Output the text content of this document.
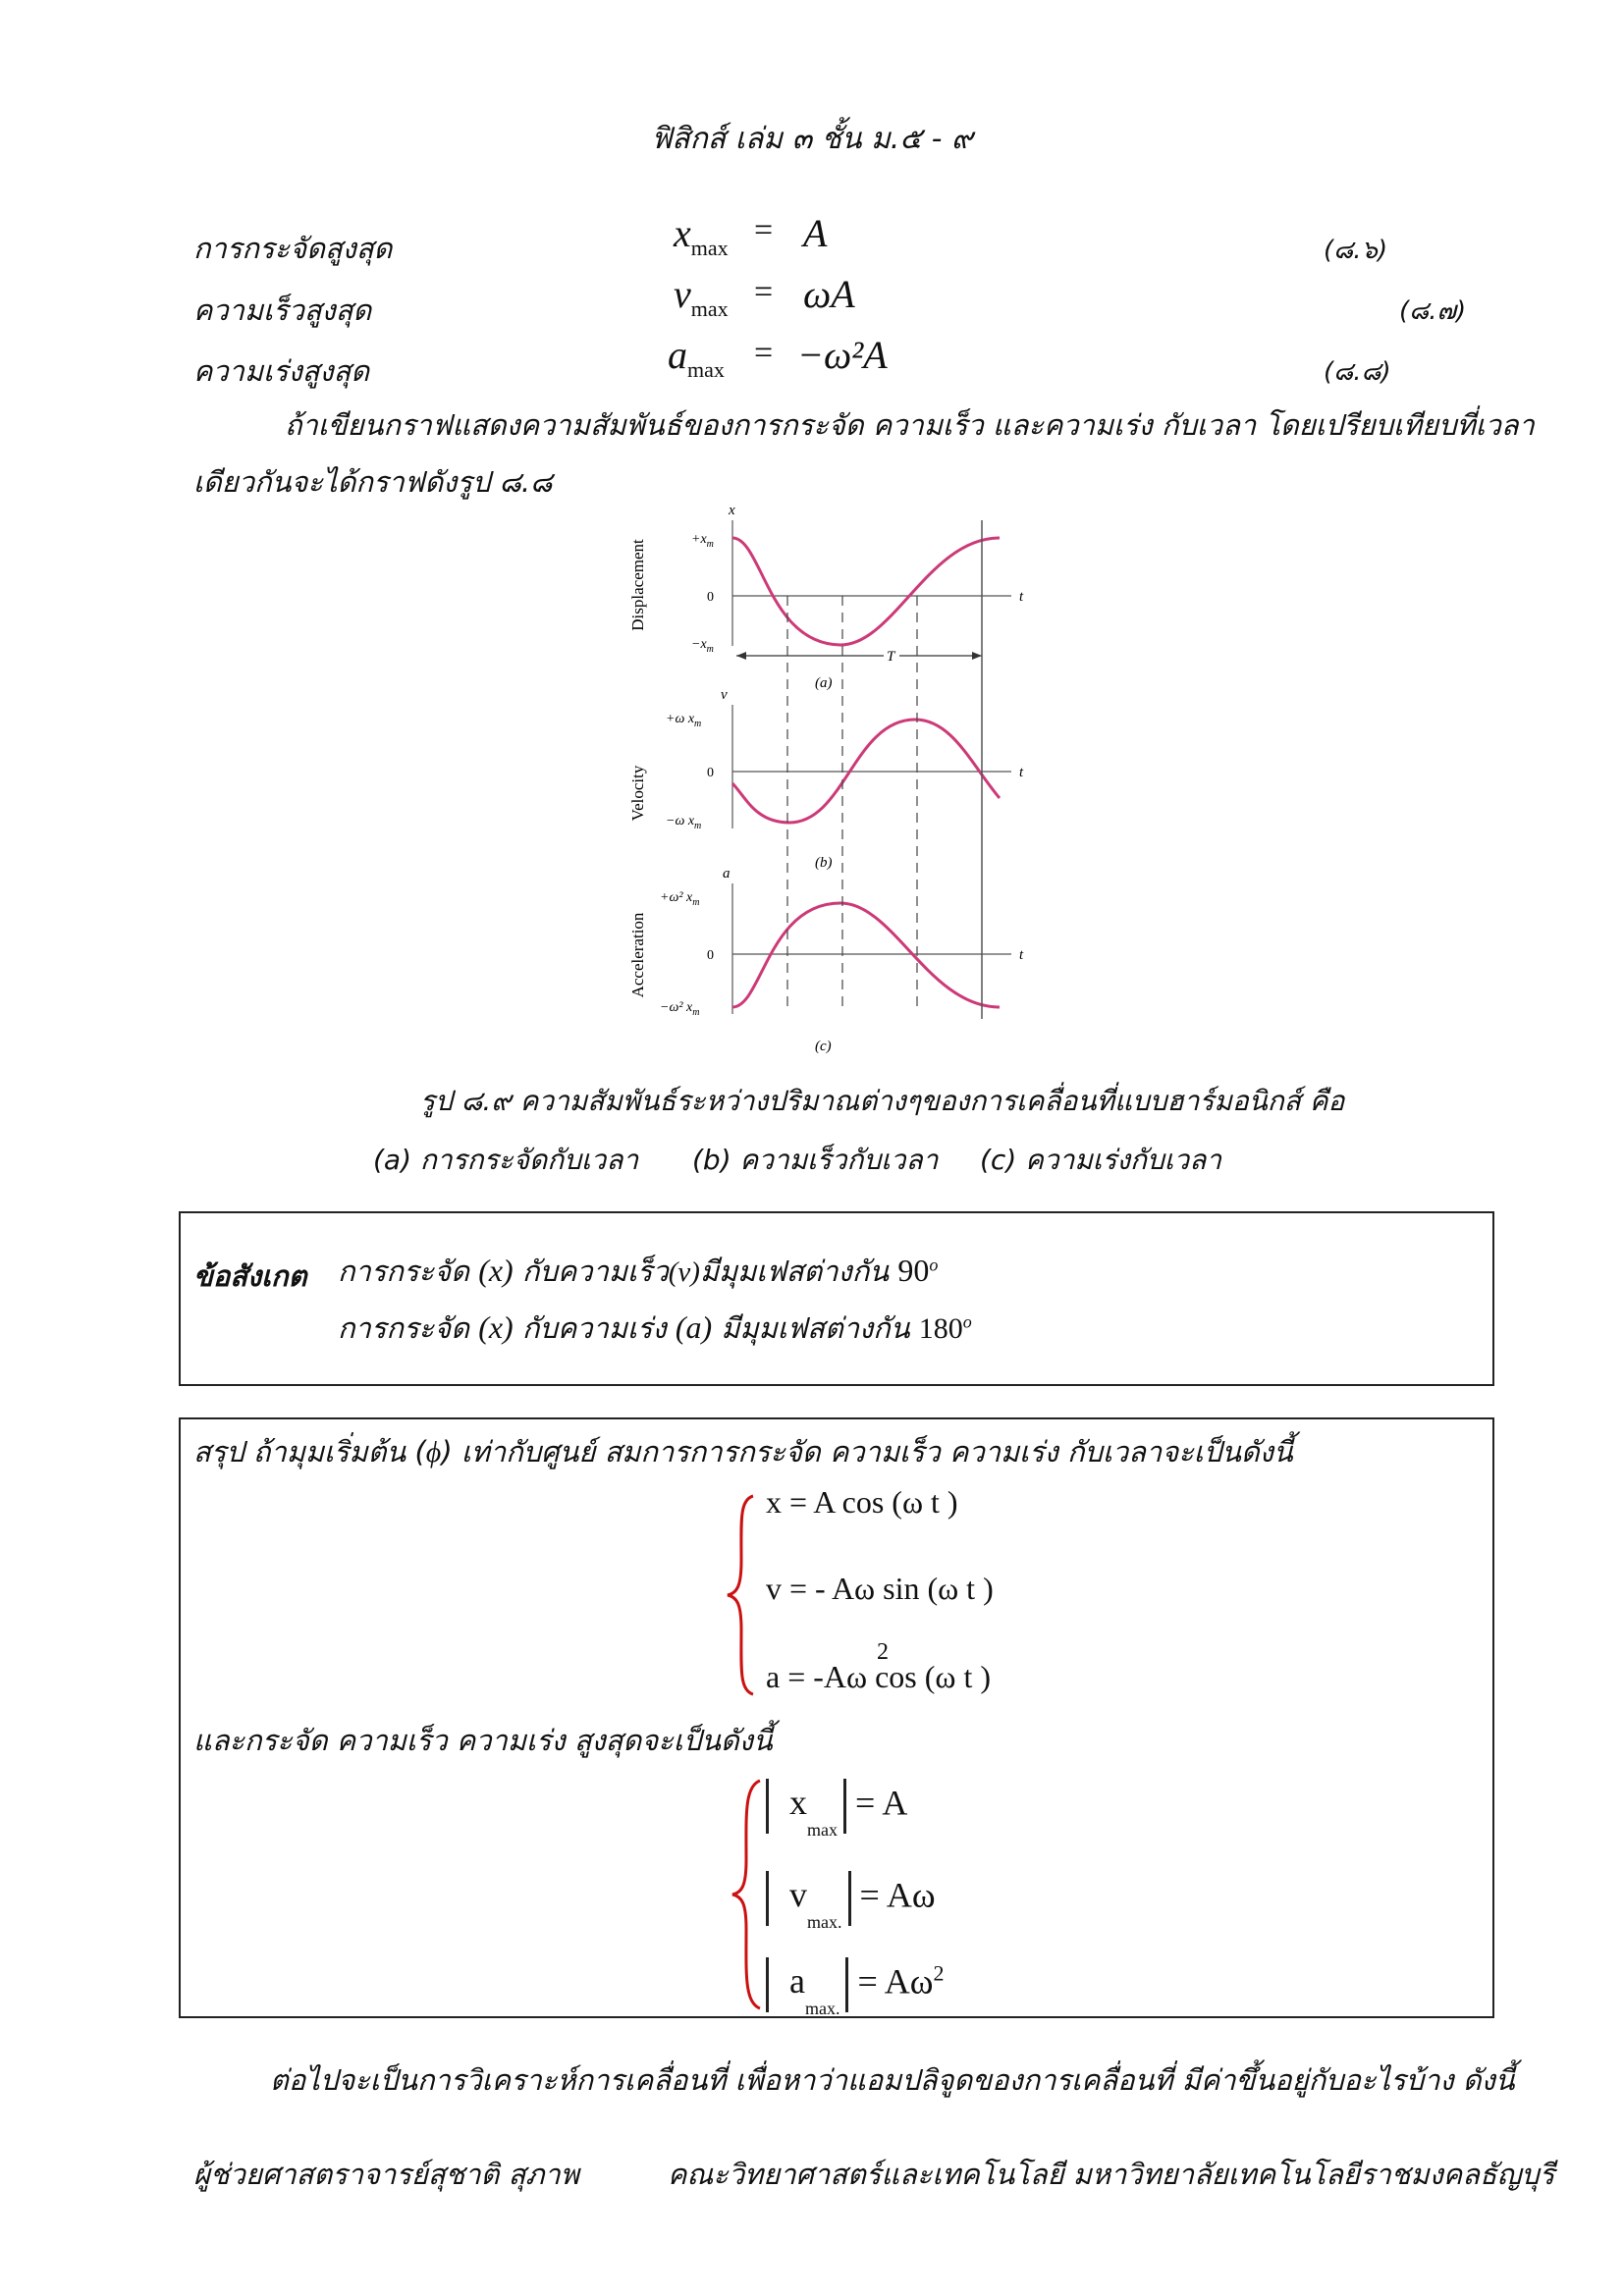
ฟิสิกส์ เล่ม ๓ ชั้น ม.๕ - ๙
การกระจัดสูงสุด	$x_{max} = A$	(๘.๖)
ความเร็วสูงสุด	$v_{max} = \omega A$	(๘.๗)
ความเร่งสูงสุด	$a_{max} = -\omega^2A$	(๘.๘)
ถ้าเขียนกราฟแสดงความสัมพันธ์ของการกระจัด ความเร็ว และความเร่ง กับเวลา โดยเปรียบเทียบที่เวลา
เดียวกันจะได้กราฟดังรูป ๘.๘
x
t
$+x_m$
0
$-x_m$
Displacement
T
(a)
v
t
+ω $x_m$
0
−ω $x_m$
Velocity
(b)
a
t
+ω² $x_m$
0
−ω² $x_m$
Acceleration
(c)
รูป ๘.๙ ความสัมพันธ์ระหว่างปริมาณต่างๆของการเคลื่อนที่แบบฮาร์มอนิกส์ คือ
(a) การกระจัดกับเวลา (b) ความเร็วกับเวลา (c) ความเร่งกับเวลา
ข้อสังเกต การกระจัด (x) กับความเร็ว(v)มีมุมเฟสต่างกัน 90$^o$
การกระจัด (x) กับความเร่ง (a) มีมุมเฟสต่างกัน 180$^o$
สรุป ถ้ามุมเริ่มต้น (ϕ) เท่ากับศูนย์ สมการการกระจัด ความเร็ว ความเร่ง กับเวลาจะเป็นดังนี้
x = A cos (ω t )
v = - Aω sin (ω t )
a = -Aω cos (ω t )
2
และกระจัด ความเร็ว ความเร่ง สูงสุดจะเป็นดังนี้
$x_{max} = A$
$v_{max.} = A\omega$
$a_{max.} = A\omega^2$
ต่อไปจะเป็นการวิเคราะห์การเคลื่อนที่ เพื่อหาว่าแอมปลิจูดของการเคลื่อนที่ มีค่าขึ้นอยู่กับอะไรบ้าง ดังนี้
ผู้ช่วยศาสตราจารย์สุชาติ สุภาพ	คณะวิทยาศาสตร์และเทคโนโลยี มหาวิทยาลัยเทคโนโลยีราชมงคลธัญบุรี
